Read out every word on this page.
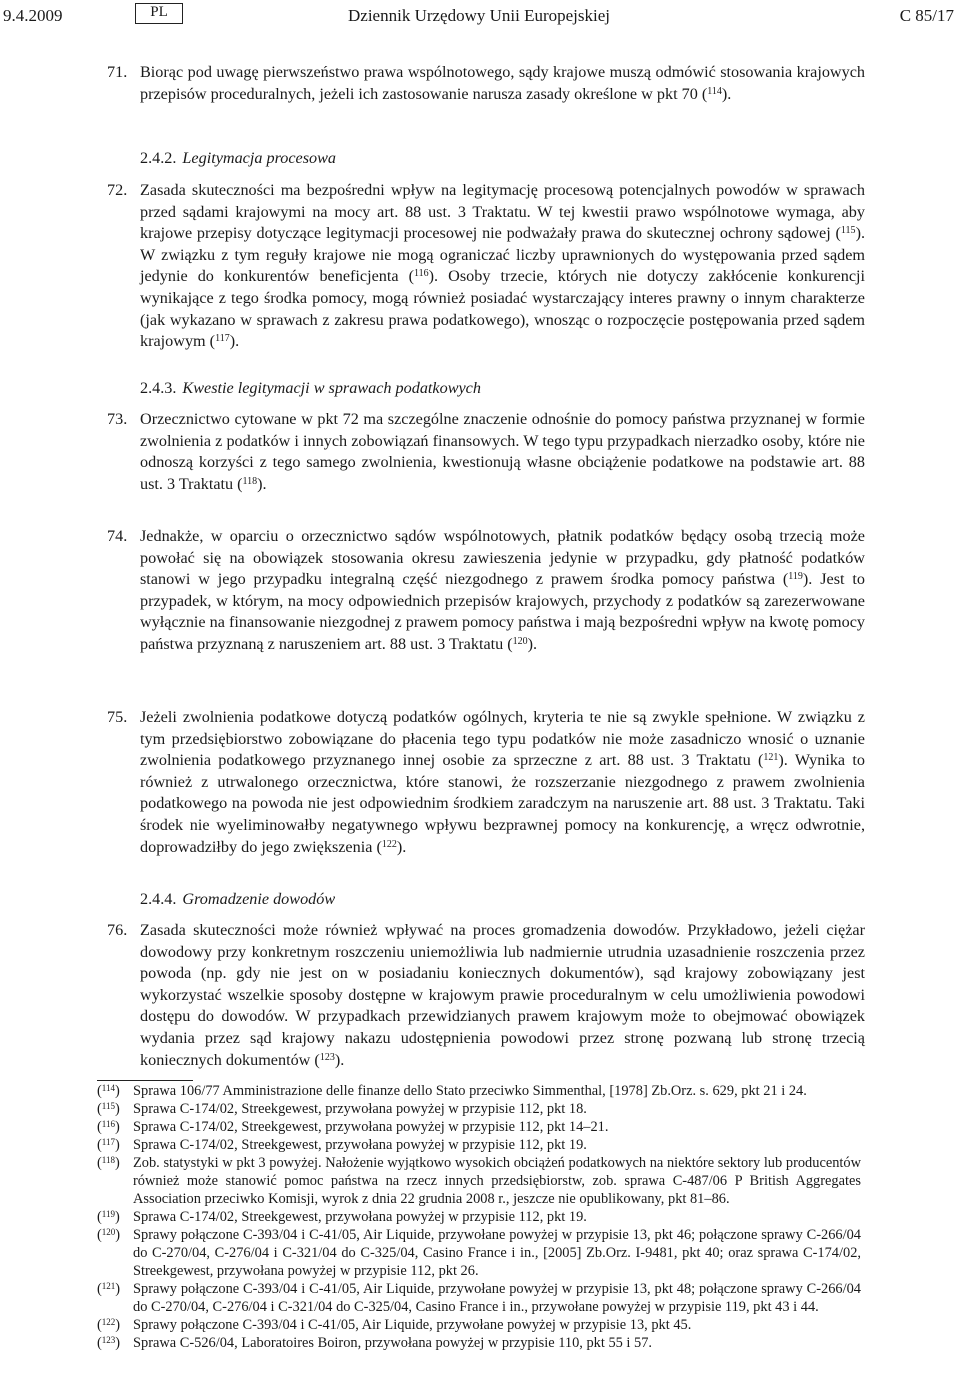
9.4.2009	PL	Dziennik Urzędowy Unii Europejskiej	C 85/17
71. Biorąc pod uwagę pierwszeństwo prawa wspólnotowego, sądy krajowe muszą odmówić stosowania krajowych przepisów proceduralnych, jeżeli ich zastosowanie narusza zasady określone w pkt 70 ($^{114}$).
2.4.2. Legitymacja procesowa
72. Zasada skuteczności ma bezpośredni wpływ na legitymację procesową potencjalnych powodów w sprawach przed sądami krajowymi na mocy art. 88 ust. 3 Traktatu. W tej kwestii prawo wspólnotowe wymaga, aby krajowe przepisy dotyczące legitymacji procesowej nie podważały prawa do skutecznej ochrony sądowej ($^{115}$). W związku z tym reguły krajowe nie mogą ograniczać liczby uprawnionych do występowania przed sądem jedynie do konkurentów beneficjenta ($^{116}$). Osoby trzecie, których nie dotyczy zakłócenie konkurencji wynikające z tego środka pomocy, mogą również posiadać wystarczający interes prawny o innym charakterze (jak wykazano w sprawach z zakresu prawa podatkowego), wnosząc o rozpoczęcie postępowania przed sądem krajowym ($^{117}$).
2.4.3. Kwestie legitymacji w sprawach podatkowych
73. Orzecznictwo cytowane w pkt 72 ma szczególne znaczenie odnośnie do pomocy państwa przyznanej w formie zwolnienia z podatków i innych zobowiązań finansowych. W tego typu przypadkach nierzadko osoby, które nie odnoszą korzyści z tego samego zwolnienia, kwestionują własne obciążenie podatkowe na podstawie art. 88 ust. 3 Traktatu ($^{118}$).
74. Jednakże, w oparciu o orzecznictwo sądów wspólnotowych, płatnik podatków będący osobą trzecią może powołać się na obowiązek stosowania okresu zawieszenia jedynie w przypadku, gdy płatność podatków stanowi w jego przypadku integralną część niezgodnego z prawem środka pomocy państwa ($^{119}$). Jest to przypadek, w którym, na mocy odpowiednich przepisów krajowych, przychody z podatków są zarezerwowane wyłącznie na finansowanie niezgodnej z prawem pomocy państwa i mają bezpośredni wpływ na kwotę pomocy państwa przyznaną z naruszeniem art. 88 ust. 3 Traktatu ($^{120}$).
75. Jeżeli zwolnienia podatkowe dotyczą podatków ogólnych, kryteria te nie są zwykle spełnione. W związku z tym przedsiębiorstwo zobowiązane do płacenia tego typu podatków nie może zasadniczo wnosić o uznanie zwolnienia podatkowego przyznanego innej osobie za sprzeczne z art. 88 ust. 3 Traktatu ($^{121}$). Wynika to również z utrwalonego orzecznictwa, które stanowi, że rozszerzanie niezgodnego z prawem zwolnienia podatkowego na powoda nie jest odpowiednim środkiem zaradczym na naruszenie art. 88 ust. 3 Traktatu. Taki środek nie wyeliminowałby negatywnego wpływu bezprawnej pomocy na konkurencję, a wręcz odwrotnie, doprowadziłby do jego zwiększenia ($^{122}$).
2.4.4. Gromadzenie dowodów
76. Zasada skuteczności może również wpływać na proces gromadzenia dowodów. Przykładowo, jeżeli ciężar dowodowy przy konkretnym roszczeniu uniemożliwia lub nadmiernie utrudnia uzasadnienie roszczenia przez powoda (np. gdy nie jest on w posiadaniu koniecznych dokumentów), sąd krajowy zobowiązany jest wykorzystać wszelkie sposoby dostępne w krajowym prawie proceduralnym w celu umożliwienia powodowi dostępu do dowodów. W przypadkach przewidzianych prawem krajowym może to obejmować obowiązek wydania przez sąd krajowy nakazu udostępnienia powodowi przez stronę pozwaną lub stronę trzecią koniecznych dokumentów ($^{123}$).
($^{114}$) Sprawa 106/77 Amministrazione delle finanze dello Stato przeciwko Simmenthal, [1978] Zb.Orz. s. 629, pkt 21 i 24.
($^{115}$) Sprawa C-174/02, Streekgewest, przywołana powyżej w przypisie 112, pkt 18.
($^{116}$) Sprawa C-174/02, Streekgewest, przywołana powyżej w przypisie 112, pkt 14–21.
($^{117}$) Sprawa C-174/02, Streekgewest, przywołana powyżej w przypisie 112, pkt 19.
($^{118}$) Zob. statystyki w pkt 3 powyżej. Nałożenie wyjątkowo wysokich obciążeń podatkowych na niektóre sektory lub producentów również może stanowić pomoc państwa na rzecz innych przedsiębiorstw, zob. sprawa C-487/06 P British Aggregates Association przeciwko Komisji, wyrok z dnia 22 grudnia 2008 r., jeszcze nie opublikowany, pkt 81–86.
($^{119}$) Sprawa C-174/02, Streekgewest, przywołana powyżej w przypisie 112, pkt 19.
($^{120}$) Sprawy połączone C-393/04 i C-41/05, Air Liquide, przywołane powyżej w przypisie 13, pkt 46; połączone sprawy C-266/04 do C-270/04, C-276/04 i C-321/04 do C-325/04, Casino France i in., [2005] Zb.Orz. I-9481, pkt 40; oraz sprawa C-174/02, Streekgewest, przywołana powyżej w przypisie 112, pkt 26.
($^{121}$) Sprawy połączone C-393/04 i C-41/05, Air Liquide, przywołane powyżej w przypisie 13, pkt 48; połączone sprawy C-266/04 do C-270/04, C-276/04 i C-321/04 do C-325/04, Casino France i in., przywołane powyżej w przypisie 119, pkt 43 i 44.
($^{122}$) Sprawy połączone C-393/04 i C-41/05, Air Liquide, przywołane powyżej w przypisie 13, pkt 45.
($^{123}$) Sprawa C-526/04, Laboratoires Boiron, przywołana powyżej w przypisie 110, pkt 55 i 57.
